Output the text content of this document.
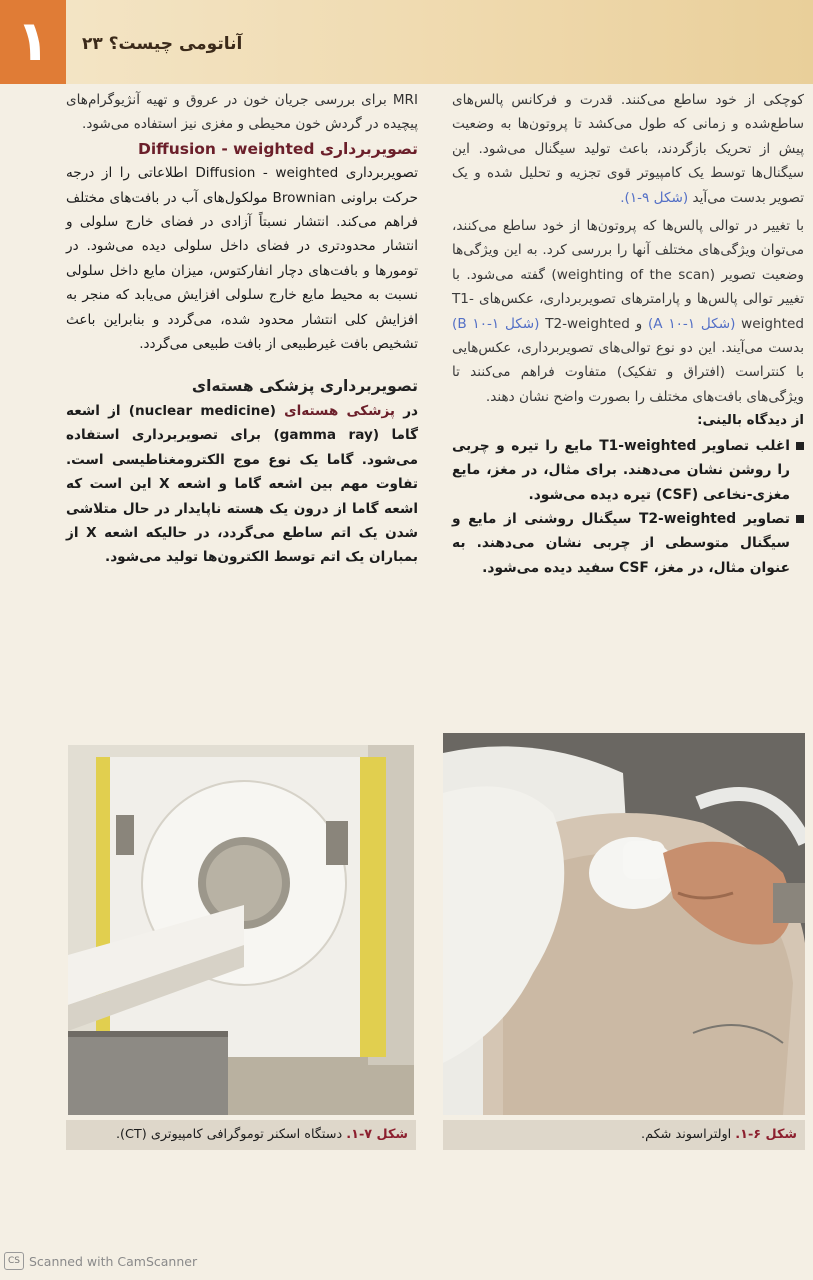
۱	آناتومی چیست؟ ۲۳

کوچکی از خود ساطع می‌کنند. قدرت و فرکانس پالس‌های ساطع‌شده و زمانی که طول می‌کشد تا پروتون‌ها به وضعیت پیش از تحریک بازگردند، باعث تولید سیگنال می‌شود. این سیگنال‌ها توسط یک کامپیوتر قوی تجزیه و تحلیل شده و یک تصویر بدست می‌آید (شکل ۹-۱).

با تغییر در توالی پالس‌ها که پروتون‌ها از خود ساطع می‌کنند، می‌توان ویژگی‌های مختلف آنها را بررسی کرد. به این ویژگی‌ها وضعیت تصویر (weighting of the scan) گفته می‌شود. با تغییر توالی پالس‌ها و پارامترهای تصویربرداری، عکس‌های T1-weighted (شکل A ۱۰-۱) و T2-weighted (شکل B ۱۰-۱) بدست می‌آیند. این دو نوع توالی‌های تصویربرداری، عکس‌هایی با کنتراست (افتراق و تفکیک) متفاوت فراهم می‌کنند تا ویژگی‌های بافت‌های مختلف را بصورت واضح نشان دهند.

از دیدگاه بالینی:

اغلب تصاویر T1-weighted مایع را تیره و چربی را روشن نشان می‌دهند. برای مثال، در مغز، مایع مغزی-نخاعی (CSF) تیره دیده می‌شود.
تصاویر T2-weighted سیگنال روشنی از مایع و سیگنال متوسطی از چربی نشان می‌دهند. به عنوان مثال، در مغز، CSF سفید دیده می‌شود.

MRI برای بررسی جریان خون در عروق و تهیه آنژیوگرام‌های پیچیده در گردش خون محیطی و مغزی نیز استفاده می‌شود.

تصویربرداری Diffusion - weighted

تصویربرداری Diffusion - weighted اطلاعاتی را از درجه حرکت براونی Brownian مولکول‌های آب در بافت‌های مختلف فراهم می‌کند. انتشار نسبتاً آزادی در فضای خارج سلولی و انتشار محدودتری در فضای داخل سلولی دیده می‌شود. در تومورها و بافت‌های دچار انفارکتوس، میزان مایع داخل سلولی نسبت به محیط مایع خارج سلولی افزایش می‌یابد که منجر به افزایش کلی انتشار محدود شده، می‌گردد و بنابراین باعث تشخیص بافت غیرطبیعی از بافت طبیعی می‌گردد.

تصویربرداری پزشکی هسته‌ای

در پزشکی هسته‌ای (nuclear medicine) از اشعه گاما (gamma ray) برای تصویربرداری استفاده می‌شود. گاما یک نوع موج الکترومغناطیسی است. تفاوت مهم بین اشعه گاما و اشعه X این است که اشعه گاما از درون یک هسته ناپایدار در حال متلاشی شدن یک اتم ساطع می‌گردد، در حالیکه اشعه X از بمباران یک اتم توسط الکترون‌ها تولید می‌شود.

شکل ۷-۱. دستگاه اسکنر توموگرافی کامپیوتری (CT).	شکل ۶-۱. اولتراسوند شکم.
CS Scanned with CamScanner
